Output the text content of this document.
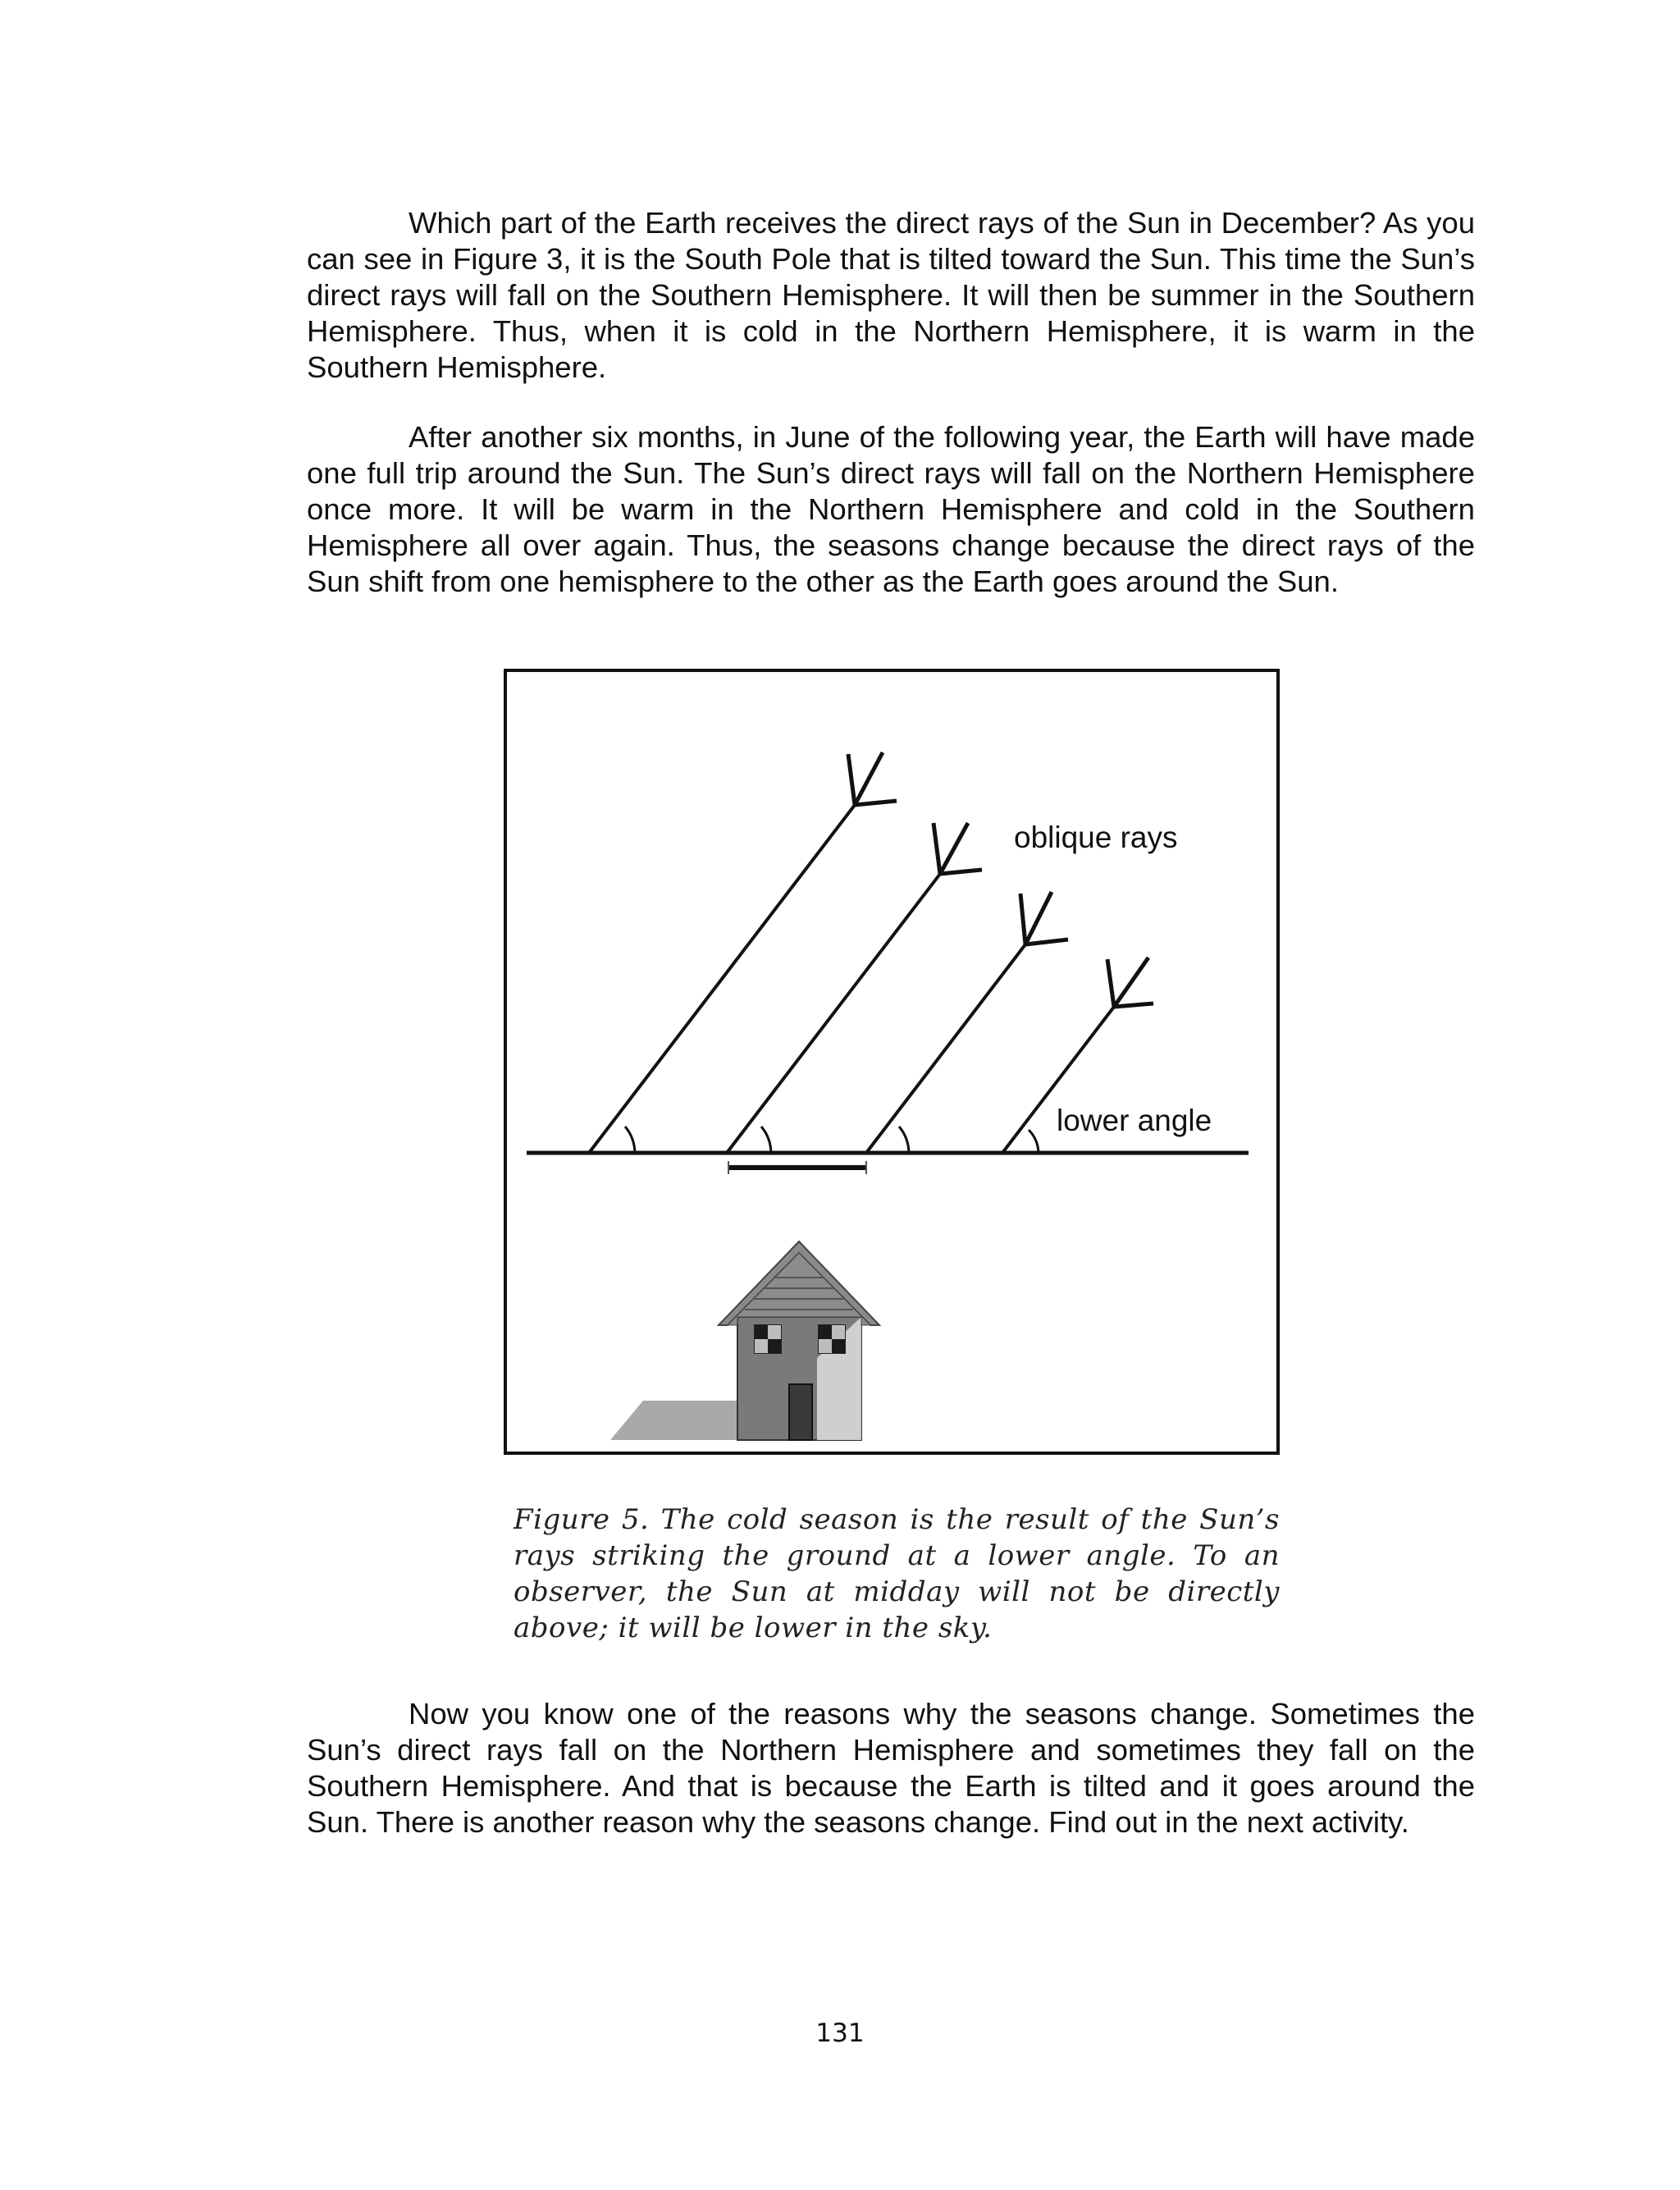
Which part of the Earth receives the direct rays of the Sun in December? As you can see in Figure 3, it is the South Pole that is tilted toward the Sun. This time the Sun’s direct rays will fall on the Southern Hemisphere. It will then be summer in the Southern Hemisphere. Thus, when it is cold in the Northern Hemisphere, it is warm in the Southern Hemisphere.

After another six months, in June of the following year, the Earth will have made one full trip around the Sun. The Sun’s direct rays will fall on the Northern Hemisphere once more. It will be warm in the Northern Hemisphere and cold in the Southern Hemisphere all over again. Thus, the seasons change because the direct rays of the Sun shift from one hemisphere to the other as the Earth goes around the Sun.

oblique rays
lower angle

Figure 5. The cold season is the result of the Sun’s rays striking the ground at a lower angle. To an observer, the Sun at midday will not be directly above; it will be lower in the sky.

Now you know one of the reasons why the seasons change. Sometimes the Sun’s direct rays fall on the Northern Hemisphere and sometimes they fall on the Southern Hemisphere. And that is because the Earth is tilted and it goes around the Sun. There is another reason why the seasons change. Find out in the next activity.

131
